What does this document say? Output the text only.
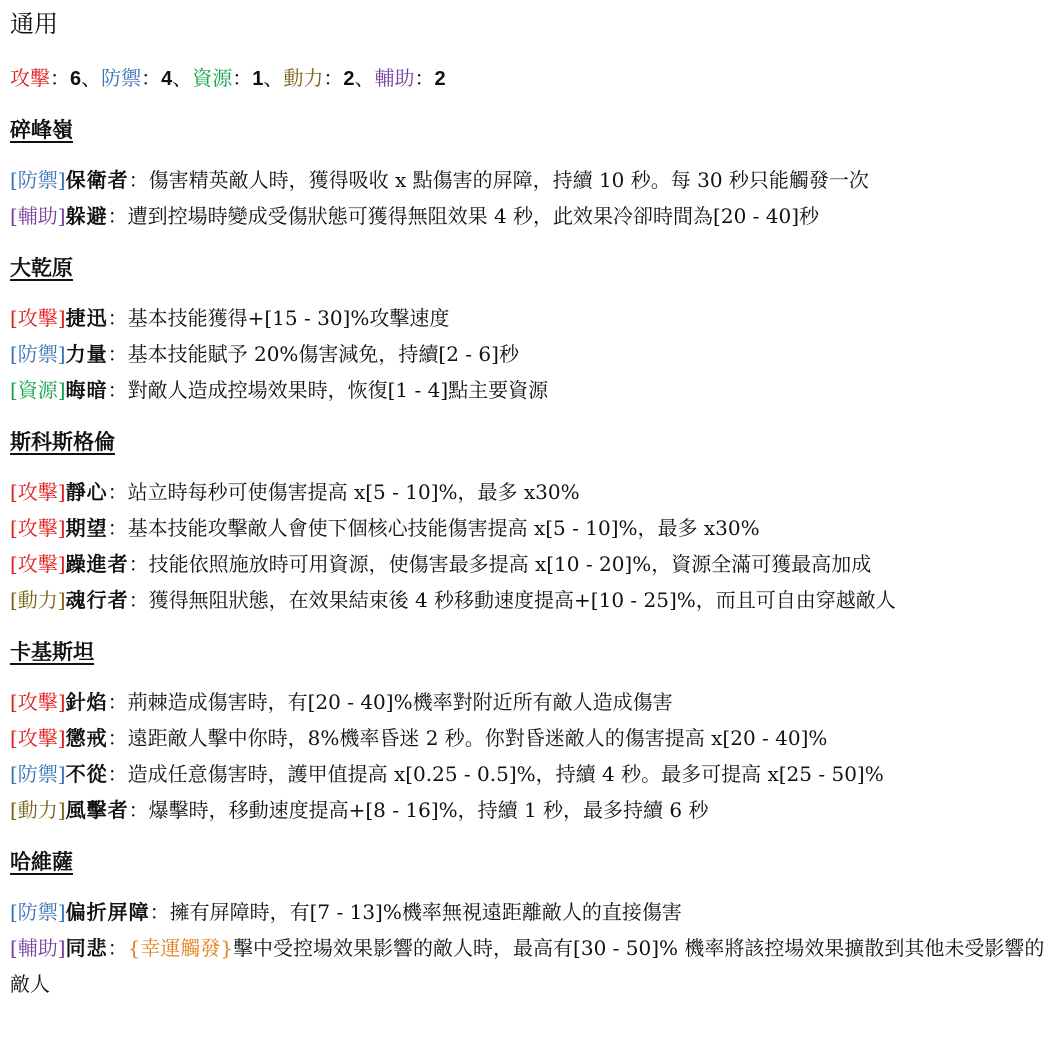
通用
攻擊：6、防禦：4、資源：1、動力：2、輔助：2
碎峰嶺
[防禦]保衛者：傷害精英敵人時，獲得吸收 x 點傷害的屏障，持續 10 秒。每 30 秒只能觸發一次
[輔助]躲避：遭到控場時變成受傷狀態可獲得無阻效果 4 秒，此效果冷卻時間為[20 - 40]秒
大乾原
[攻擊]捷迅：基本技能獲得+[15 - 30]%攻擊速度
[防禦]力量：基本技能賦予 20%傷害減免，持續[2 - 6]秒
[資源]晦暗：對敵人造成控場效果時，恢復[1 - 4]點主要資源
斯科斯格倫
[攻擊]靜心：站立時每秒可使傷害提高 x[5 - 10]%，最多 x30%
[攻擊]期望：基本技能攻擊敵人會使下個核心技能傷害提高 x[5 - 10]%，最多 x30%
[攻擊]躁進者：技能依照施放時可用資源，使傷害最多提高 x[10 - 20]%，資源全滿可獲最高加成
[動力]魂行者：獲得無阻狀態，在效果結束後 4 秒移動速度提高+[10 - 25]%，而且可自由穿越敵人
卡基斯坦
[攻擊]針焰：荊棘造成傷害時，有[20 - 40]%機率對附近所有敵人造成傷害
[攻擊]懲戒：遠距敵人擊中你時，8%機率昏迷 2 秒。你對昏迷敵人的傷害提高 x[20 - 40]%
[防禦]不從：造成任意傷害時，護甲值提高 x[0.25 - 0.5]%，持續 4 秒。最多可提高 x[25 - 50]%
[動力]風擊者：爆擊時，移動速度提高+[8 - 16]%，持續 1 秒，最多持續 6 秒
哈維薩
[防禦]偏折屏障：擁有屏障時，有[7 - 13]%機率無視遠距離敵人的直接傷害
[輔助]同悲：{幸運觸發}擊中受控場效果影響的敵人時，最高有[30 - 50]% 機率將該控場效果擴散到其他未受影響的敵人
